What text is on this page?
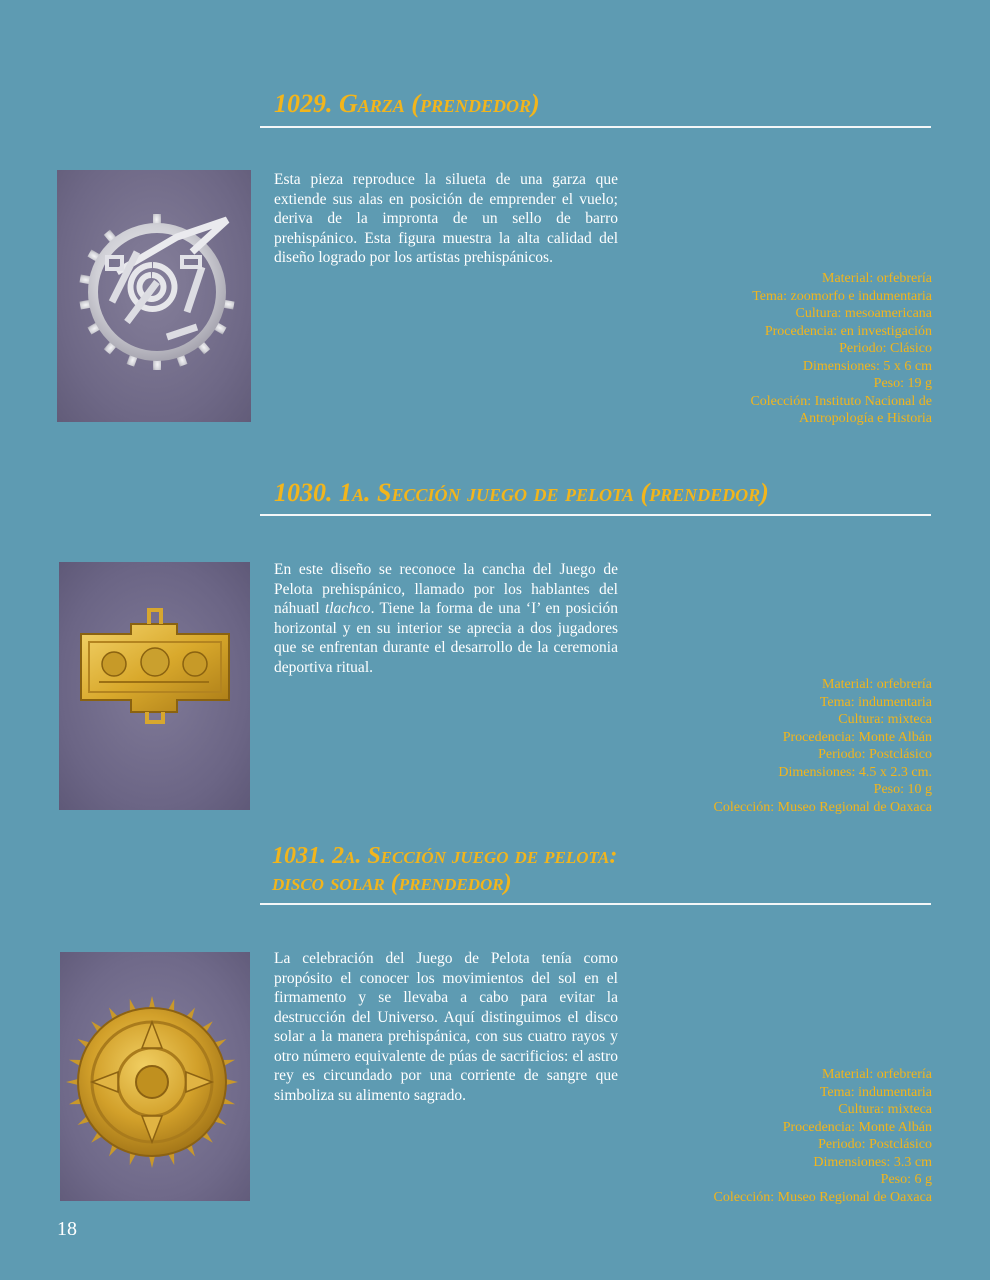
1029. Garza (prendedor)

Esta pieza reproduce la silueta de una garza que extiende sus alas en posición de emprender el vuelo; deriva de la impronta de un sello de barro prehispánico. Esta figura muestra la alta calidad del diseño logrado por los artistas prehispánicos.

Material: orfebrería
Tema: zoomorfo e indumentaria
Cultura: mesoamericana
Procedencia: en investigación
Periodo: Clásico
Dimensiones: 5 x 6 cm
Peso: 19 g
Colección: Instituto Nacional de
Antropología e Historia
1030. 1a. Sección juego de pelota (prendedor)

En este diseño se reconoce la cancha del Juego de Pelota prehispánico, llamado por los hablantes del náhuatl tlachco. Tiene la forma de una ‘I’ en posición horizontal y en su interior se aprecia a dos jugadores que se enfrentan durante el desarrollo de la ceremonia deportiva ritual.

Material: orfebrería
Tema: indumentaria
Cultura: mixteca
Procedencia: Monte Albán
Periodo: Postclásico
Dimensiones: 4.5 x 2.3 cm.
Peso: 10 g
Colección: Museo Regional de Oaxaca
1031. 2a. Sección juego de pelota:
disco solar (prendedor)

La celebración del Juego de Pelota tenía como propósito el conocer los movimientos del sol en el firmamento y se llevaba a cabo para evitar la destrucción del Universo. Aquí distinguimos el disco solar a la manera prehispánica, con sus cuatro rayos y otro número equivalente de púas de sacrificios: el astro rey es circundado por una corriente de sangre que simboliza su alimento sagrado.

Material: orfebrería
Tema: indumentaria
Cultura: mixteca
Procedencia: Monte Albán
Periodo: Postclásico
Dimensiones: 3.3 cm
Peso: 6 g
Colección: Museo Regional de Oaxaca
18
